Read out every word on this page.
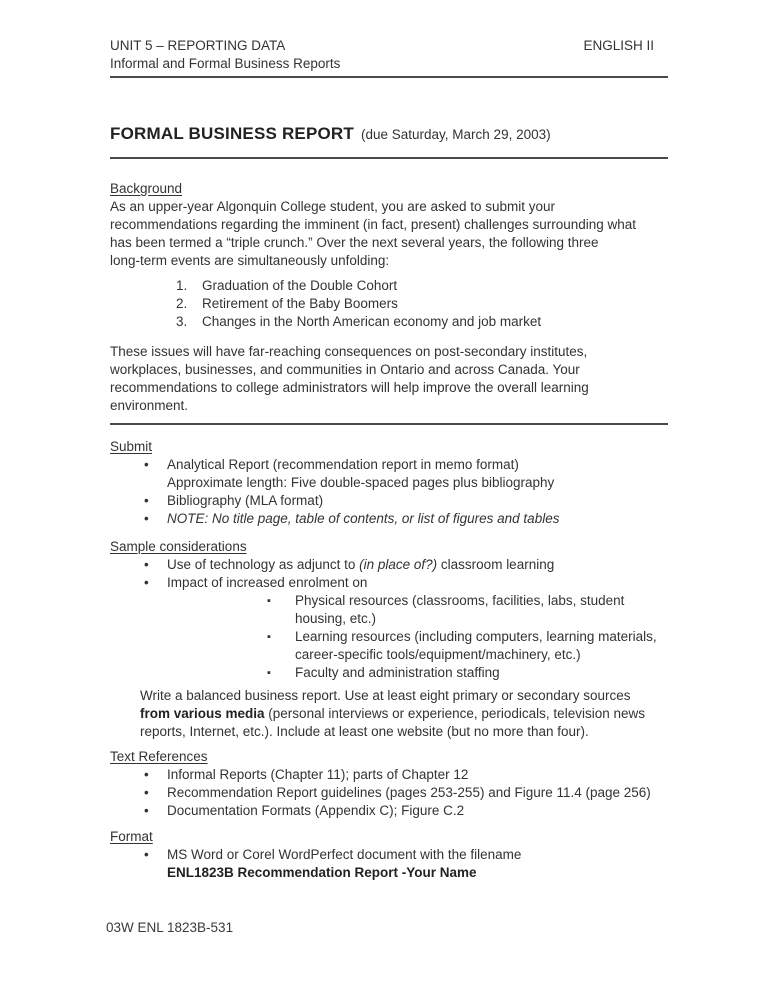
UNIT 5 – REPORTING DATA	ENGLISH II
Informal and Formal Business Reports
FORMAL BUSINESS REPORT (due Saturday, March 29, 2003)
Background
As an upper-year Algonquin College student, you are asked to submit your
recommendations regarding the imminent (in fact, present) challenges surrounding what
has been termed a “triple crunch.” Over the next several years, the following three
long-term events are simultaneously unfolding:
Graduation of the Double Cohort
Retirement of the Baby Boomers
Changes in the North American economy and job market
These issues will have far-reaching consequences on post-secondary institutes,
workplaces, businesses, and communities in Ontario and across Canada. Your
recommendations to college administrators will help improve the overall learning
environment.
Submit
• Analytical Report (recommendation report in memo format)
Approximate length: Five double-spaced pages plus bibliography
• Bibliography (MLA format)
• NOTE: No title page, table of contents, or list of figures and tables
Sample considerations
• Use of technology as adjunct to (in place of?) classroom learning
• Impact of increased enrolment on
▪ Physical resources (classrooms, facilities, labs, student housing, etc.)
▪ Learning resources (including computers, learning materials,
career-specific tools/equipment/machinery, etc.)
▪ Faculty and administration staffing
Write a balanced business report. Use at least eight primary or secondary sources
from various media (personal interviews or experience, periodicals, television news
reports, Internet, etc.). Include at least one website (but no more than four).
Text References
• Informal Reports (Chapter 11); parts of Chapter 12
• Recommendation Report guidelines (pages 253-255) and Figure 11.4 (page 256)
• Documentation Formats (Appendix C); Figure C.2
Format
• MS Word or Corel WordPerfect document with the filename
ENL1823B Recommendation Report -Your Name
03W ENL 1823B-531
